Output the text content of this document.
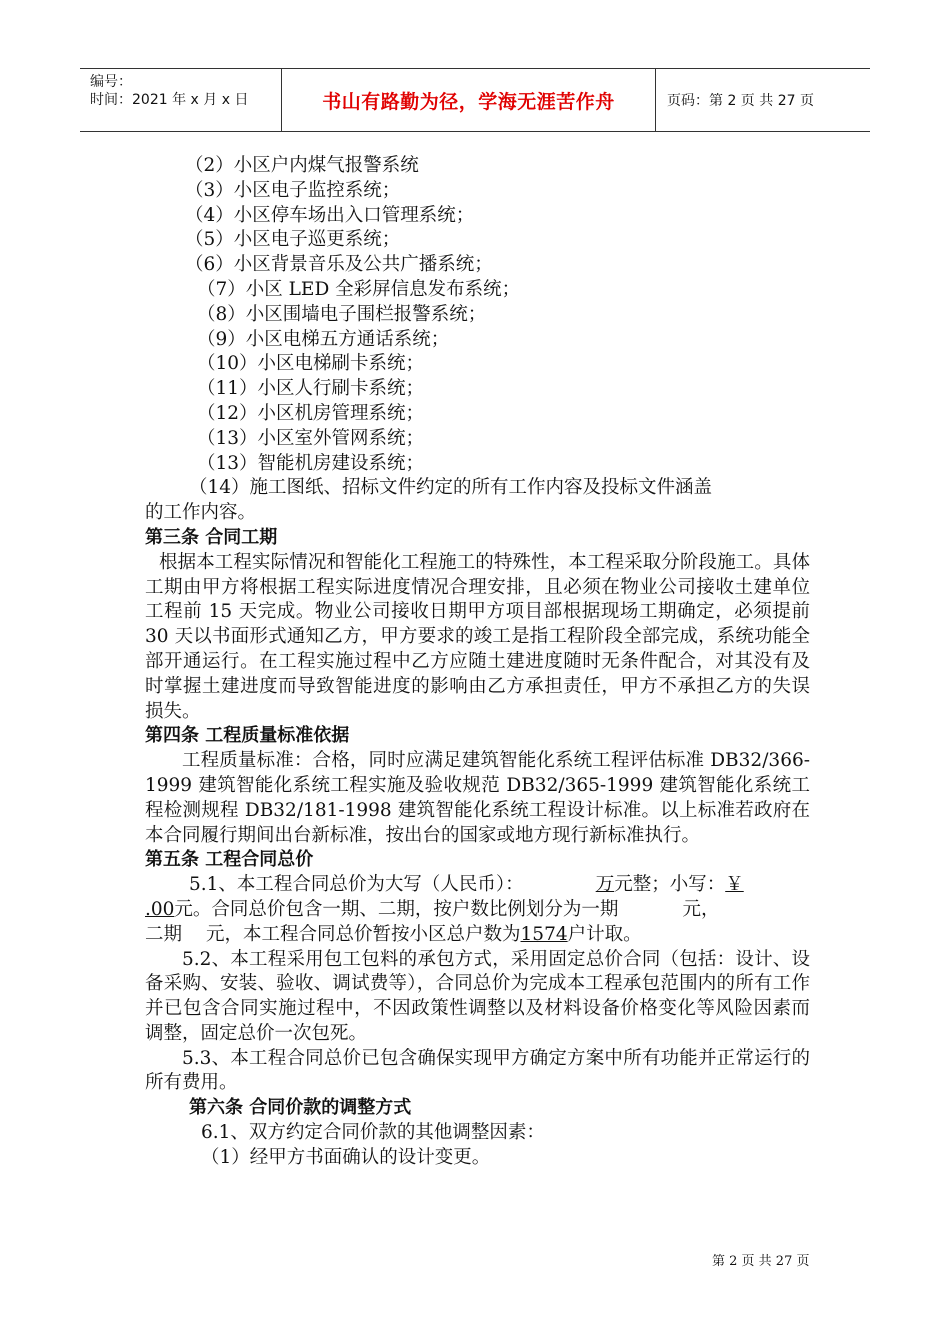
编号：
时间：2021 年 x 月 x 日	书山有路勤为径，学海无涯苦作舟	页码：第 2 页 共 27 页
（2）小区户内煤气报警系统
（3）小区电子监控系统；
（4）小区停车场出入口管理系统；
（5）小区电子巡更系统；
（6）小区背景音乐及公共广播系统；
（7）小区 LED 全彩屏信息发布系统；
（8）小区围墙电子围栏报警系统；
（9）小区电梯五方通话系统；
（10）小区电梯刷卡系统；
（11）小区人行刷卡系统；
（12）小区机房管理系统；
（13）小区室外管网系统；
（13）智能机房建设系统；
（14）施工图纸、招标文件约定的所有工作内容及投标文件涵盖
的工作内容。
第三条 合同工期
根据本工程实际情况和智能化工程施工的特殊性，本工程采取分阶段施工。具体工期由甲方将根据工程实际进度情况合理安排，且必须在物业公司接收土建单位工程前 15 天完成。物业公司接收日期甲方项目部根据现场工期确定，必须提前 30 天以书面形式通知乙方，甲方要求的竣工是指工程阶段全部完成，系统功能全部开通运行。在工程实施过程中乙方应随土建进度随时无条件配合，对其没有及时掌握土建进度而导致智能进度的影响由乙方承担责任，甲方不承担乙方的失误损失。
第四条 工程质量标准依据
工程质量标准：合格，同时应满足建筑智能化系统工程评估标准 DB32/366-1999 建筑智能化系统工程实施及验收规范 DB32/365-1999 建筑智能化系统工程检测规程 DB32/181-1998 建筑智能化系统工程设计标准。以上标准若政府在本合同履行期间出台新标准，按出台的国家或地方现行新标准执行。
第五条 工程合同总价
5.1、本工程合同总价为大写（人民币）：	万元整；小写：￥
.00元。合同总价包含一期、二期，按户数比例划分为一期	元，
二期 元，本工程合同总价暂按小区总户数为1574户计取。
5.2、本工程采用包工包料的承包方式，采用固定总价合同（包括：设计、设备采购、安装、验收、调试费等），合同总价为完成本工程承包范围内的所有工作并已包含合同实施过程中，不因政策性调整以及材料设备价格变化等风险因素而调整，固定总价一次包死。
5.3、本工程合同总价已包含确保实现甲方确定方案中所有功能并正常运行的所有费用。
第六条 合同价款的调整方式
6.1、双方约定合同价款的其他调整因素：
（1）经甲方书面确认的设计变更。
第 2 页 共 27 页
